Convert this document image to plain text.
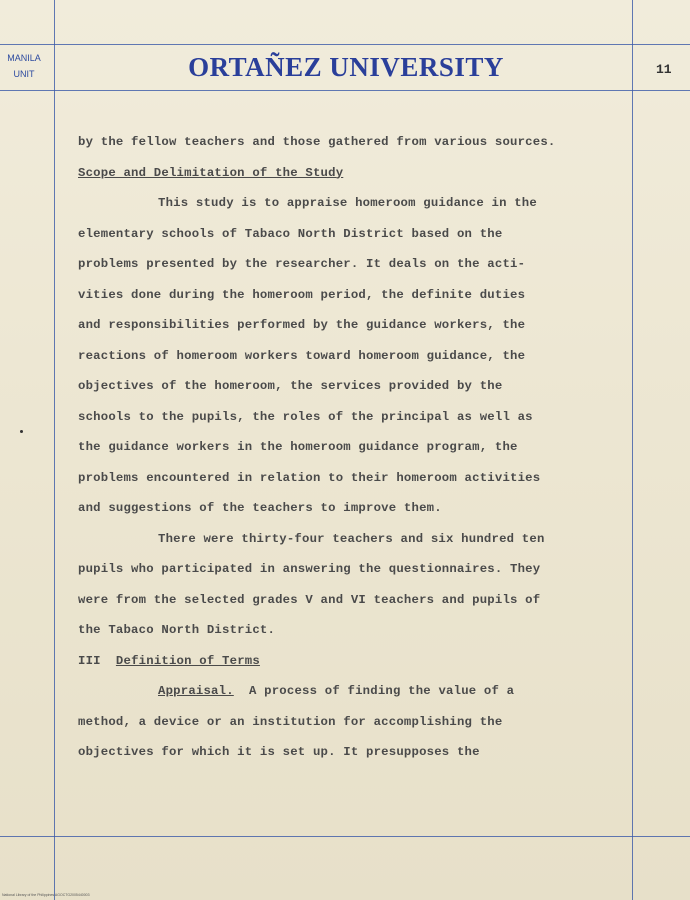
MANILA
UNIT	ORTAÑEZ UNIVERSITY	11
by the fellow teachers and those gathered from various sources.
Scope and Delimitation of the Study
This study is to appraise homeroom guidance in the
elementary schools of Tabaco North District based on the
problems presented by the researcher. It deals on the acti-
vities done during the homeroom period, the definite duties
and responsibilities performed by the guidance workers, the
reactions of homeroom workers toward homeroom guidance, the
objectives of the homeroom, the services provided by the
schools to the pupils, the roles of the principal as well as
the guidance workers in the homeroom guidance program, the
problems encountered in relation to their homeroom activities
and suggestions of the teachers to improve them.
There were thirty-four teachers and six hundred ten
pupils who participated in answering the questionnaires. They
were from the selected grades V and VI teachers and pupils of
the Tabaco North District.
III Definition of Terms
Appraisal. A process of finding the value of a
method, a device or an institution for accomplishing the
objectives for which it is set up. It presupposes the
National Library of the Philippines AGOCTG2005440003
